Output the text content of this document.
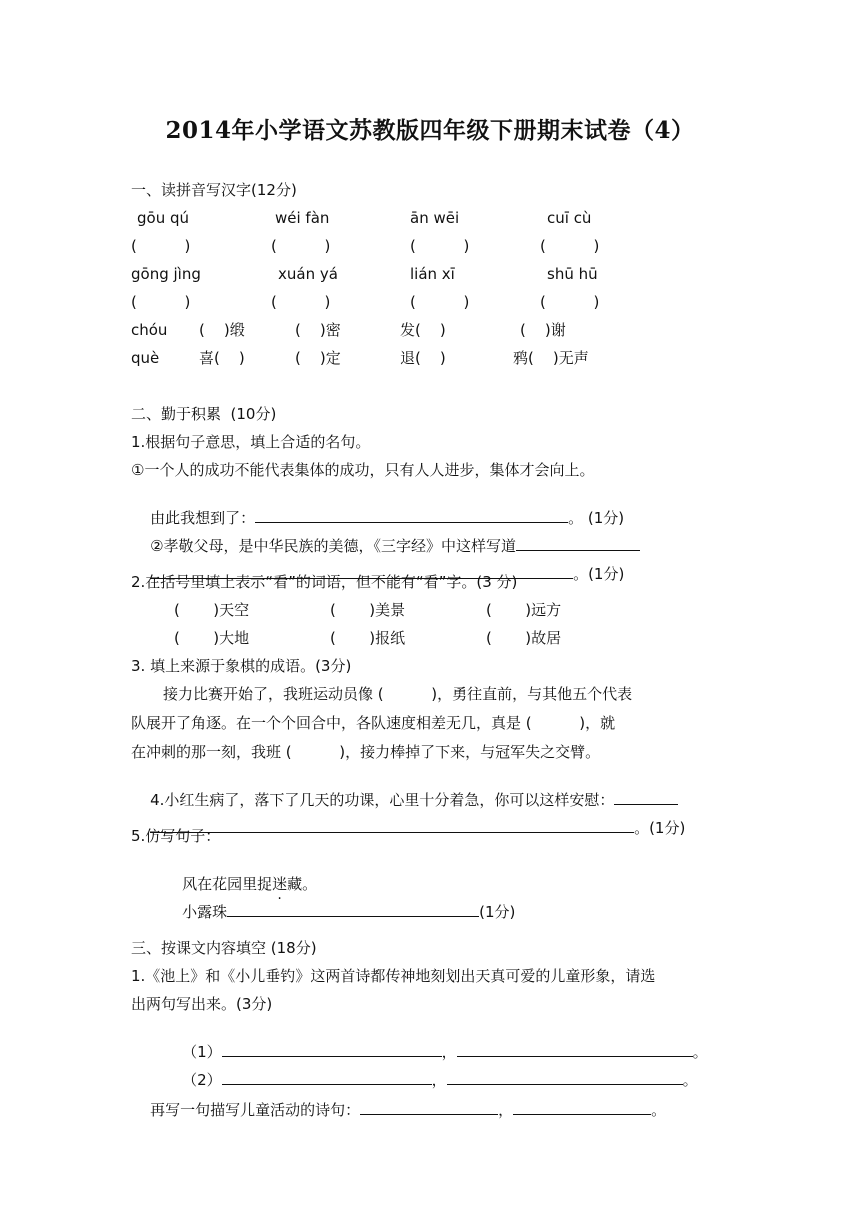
2014年小学语文苏教版四年级下册期末试卷（4）
一、读拼音写汉字(12分)
gōu qú	wéi fàn	ān wēi	cuī cù
(          )	(          )	(          )	(          )
gōng jìng	xuán yá	lián xī	shū hū
(          )	(          )	(          )	(          )
chóu (    )缎	(    )密	发(    )	(    )谢
què	喜(    )	(    )定	退(    )	鸦(    )无声
二、勤于积累  (10分)
1.根据句子意思，填上合适的名句。
①一个人的成功不能代表集体的成功，只有人人进步，集体才会向上。

由此我想到了：	。 (1分)

②孝敬父母，是中华民族的美德，《三字经》中这样写道

。(1分)

2.在括号里填上表示“看”的词语，但不能有“看”字。(3 分)
(       )天空	(       )美景	(       )远方
(       )大地	(       )报纸	(       )故居
3. 填上来源于象棋的成语。(3分)
接力比赛开始了，我班运动员像 (          )，勇往直前，与其他五个代表
队展开了角逐。在一个个回合中，各队速度相差无几，真是 (          )，就
在冲刺的那一刻，我班 (          )，接力棒掉了下来，与冠军失之交臂。

4.小红生病了，落下了几天的功课，心里十分着急，你可以这样安慰：

。(1分)

5.仿写句子：

风在花园里捉迷藏。

小露珠	(1分)

三、按课文内容填空 (18分)
1.《池上》和《小儿垂钓》这两首诗都传神地刻划出天真可爱的儿童形象，请选
出两句写出来。(3分)

（1）	，	。

（2）	，	。

再写一句描写儿童活动的诗句：	，	。
